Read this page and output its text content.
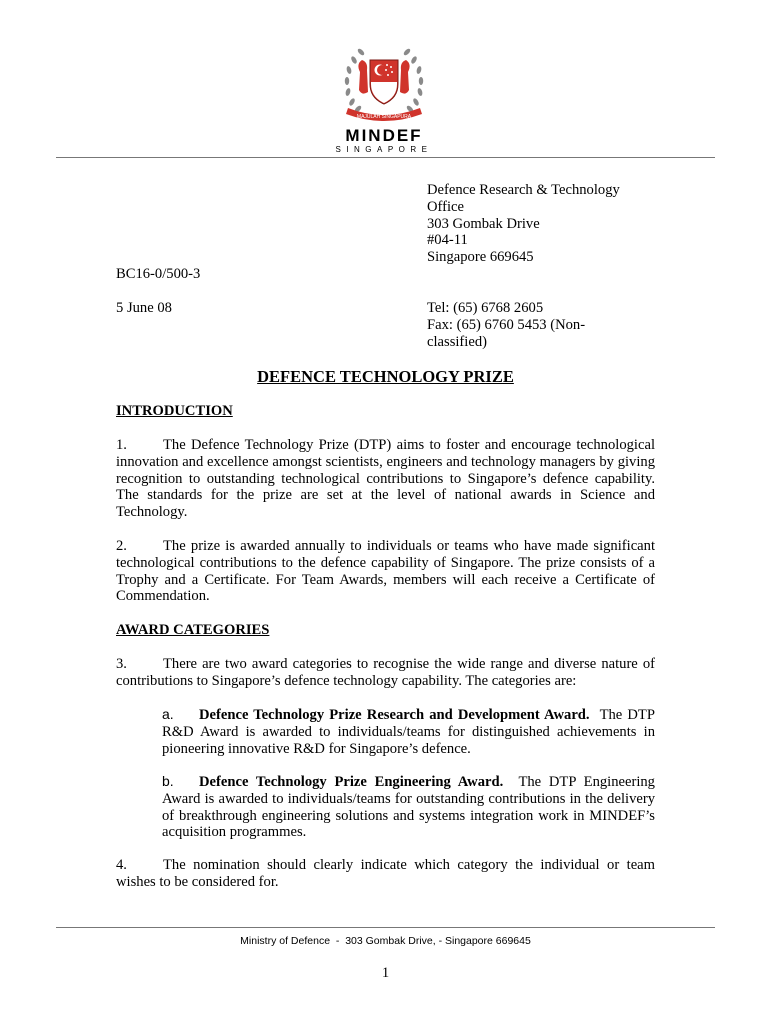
MAJULAH SINGAPURA
MINDEF
SINGAPORE
Defence Research & Technology
Office
303 Gombak Drive
#04-11
Singapore 669645
BC16-0/500-3
5 June 08	Tel: (65) 6768 2605
Fax: (65) 6760 5453 (Non-
classified)
DEFENCE TECHNOLOGY PRIZE
INTRODUCTION
1. The Defence Technology Prize (DTP) aims to foster and encourage technological innovation and excellence amongst scientists, engineers and technology managers by giving recognition to outstanding technological contributions to Singapore’s defence capability. The standards for the prize are set at the level of national awards in Science and Technology.
2. The prize is awarded annually to individuals or teams who have made significant technological contributions to the defence capability of Singapore. The prize consists of a Trophy and a Certificate. For Team Awards, members will each receive a Certificate of Commendation.
AWARD CATEGORIES
3. There are two award categories to recognise the wide range and diverse nature of contributions to Singapore’s defence technology capability. The categories are:
a. Defence Technology Prize Research and Development Award. The DTP R&D Award is awarded to individuals/teams for distinguished achievements in pioneering innovative R&D for Singapore’s defence.
b. Defence Technology Prize Engineering Award. The DTP Engineering Award is awarded to individuals/teams for outstanding contributions in the delivery of breakthrough engineering solutions and systems integration work in MINDEF’s acquisition programmes.
4. The nomination should clearly indicate which category the individual or team wishes to be considered for.
Ministry of Defence  -  303 Gombak Drive, - Singapore 669645
1
